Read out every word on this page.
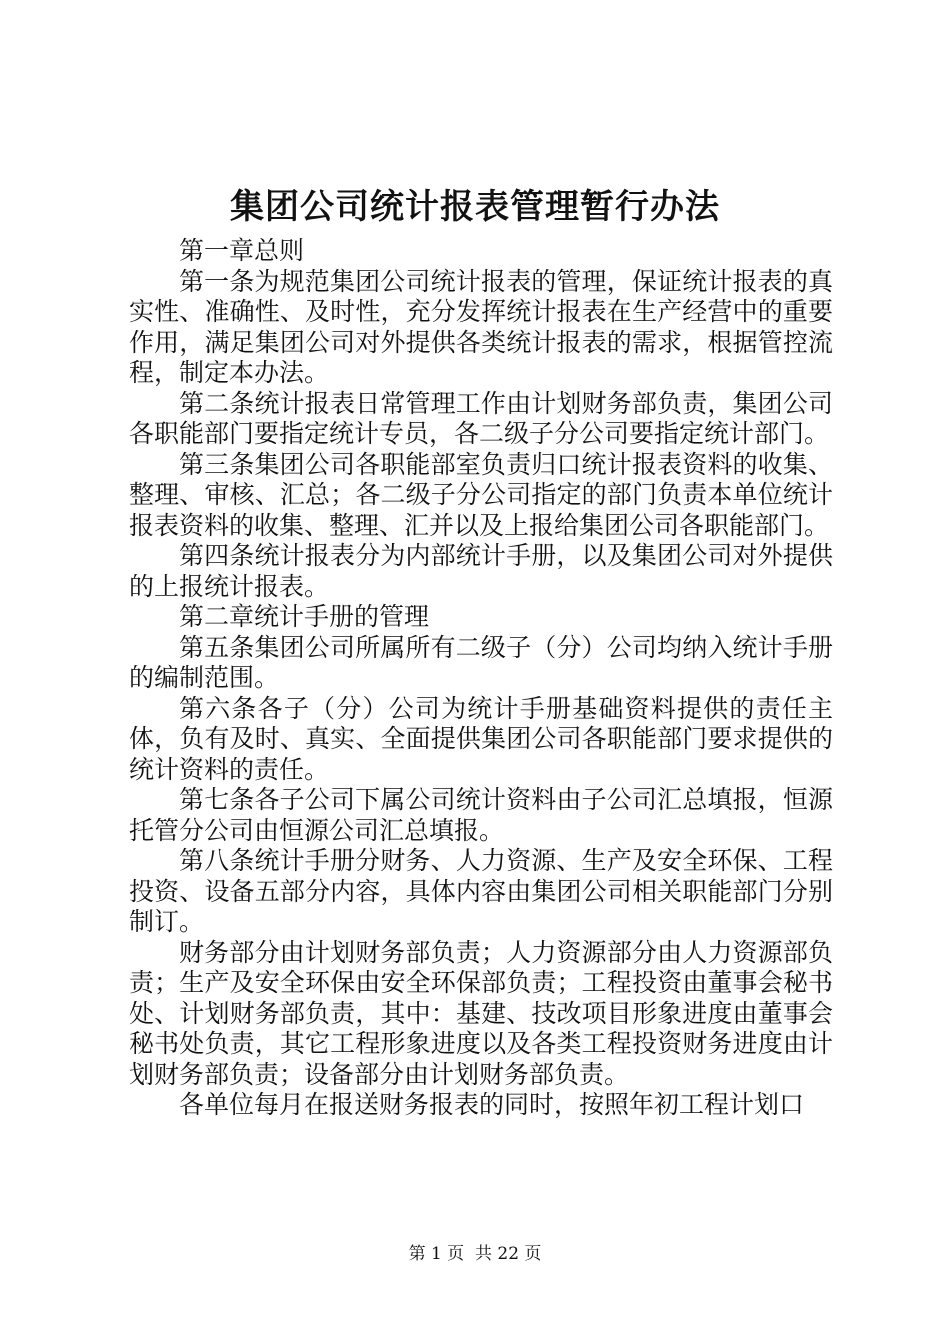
集团公司统计报表管理暂行办法

第一章总则

第一条为规范集团公司统计报表的管理，保证统计报表的真实性、准确性、及时性，充分发挥统计报表在生产经营中的重要作用，满足集团公司对外提供各类统计报表的需求，根据管控流程，制定本办法。

第二条统计报表日常管理工作由计划财务部负责，集团公司各职能部门要指定统计专员，各二级子分公司要指定统计部门。

第三条集团公司各职能部室负责归口统计报表资料的收集、整理、审核、汇总；各二级子分公司指定的部门负责本单位统计报表资料的收集、整理、汇并以及上报给集团公司各职能部门。

第四条统计报表分为内部统计手册，以及集团公司对外提供的上报统计报表。

第二章统计手册的管理

第五条集团公司所属所有二级子（分）公司均纳入统计手册的编制范围。

第六条各子（分）公司为统计手册基础资料提供的责任主体，负有及时、真实、全面提供集团公司各职能部门要求提供的统计资料的责任。

第七条各子公司下属公司统计资料由子公司汇总填报，恒源托管分公司由恒源公司汇总填报。

第八条统计手册分财务、人力资源、生产及安全环保、工程投资、设备五部分内容，具体内容由集团公司相关职能部门分别制订。

财务部分由计划财务部负责；人力资源部分由人力资源部负责；生产及安全环保由安全环保部负责；工程投资由董事会秘书处、计划财务部负责，其中：基建、技改项目形象进度由董事会秘书处负责，其它工程形象进度以及各类工程投资财务进度由计划财务部负责；设备部分由计划财务部负责。

各单位每月在报送财务报表的同时，按照年初工程计划口

第 1 页  共 22 页
